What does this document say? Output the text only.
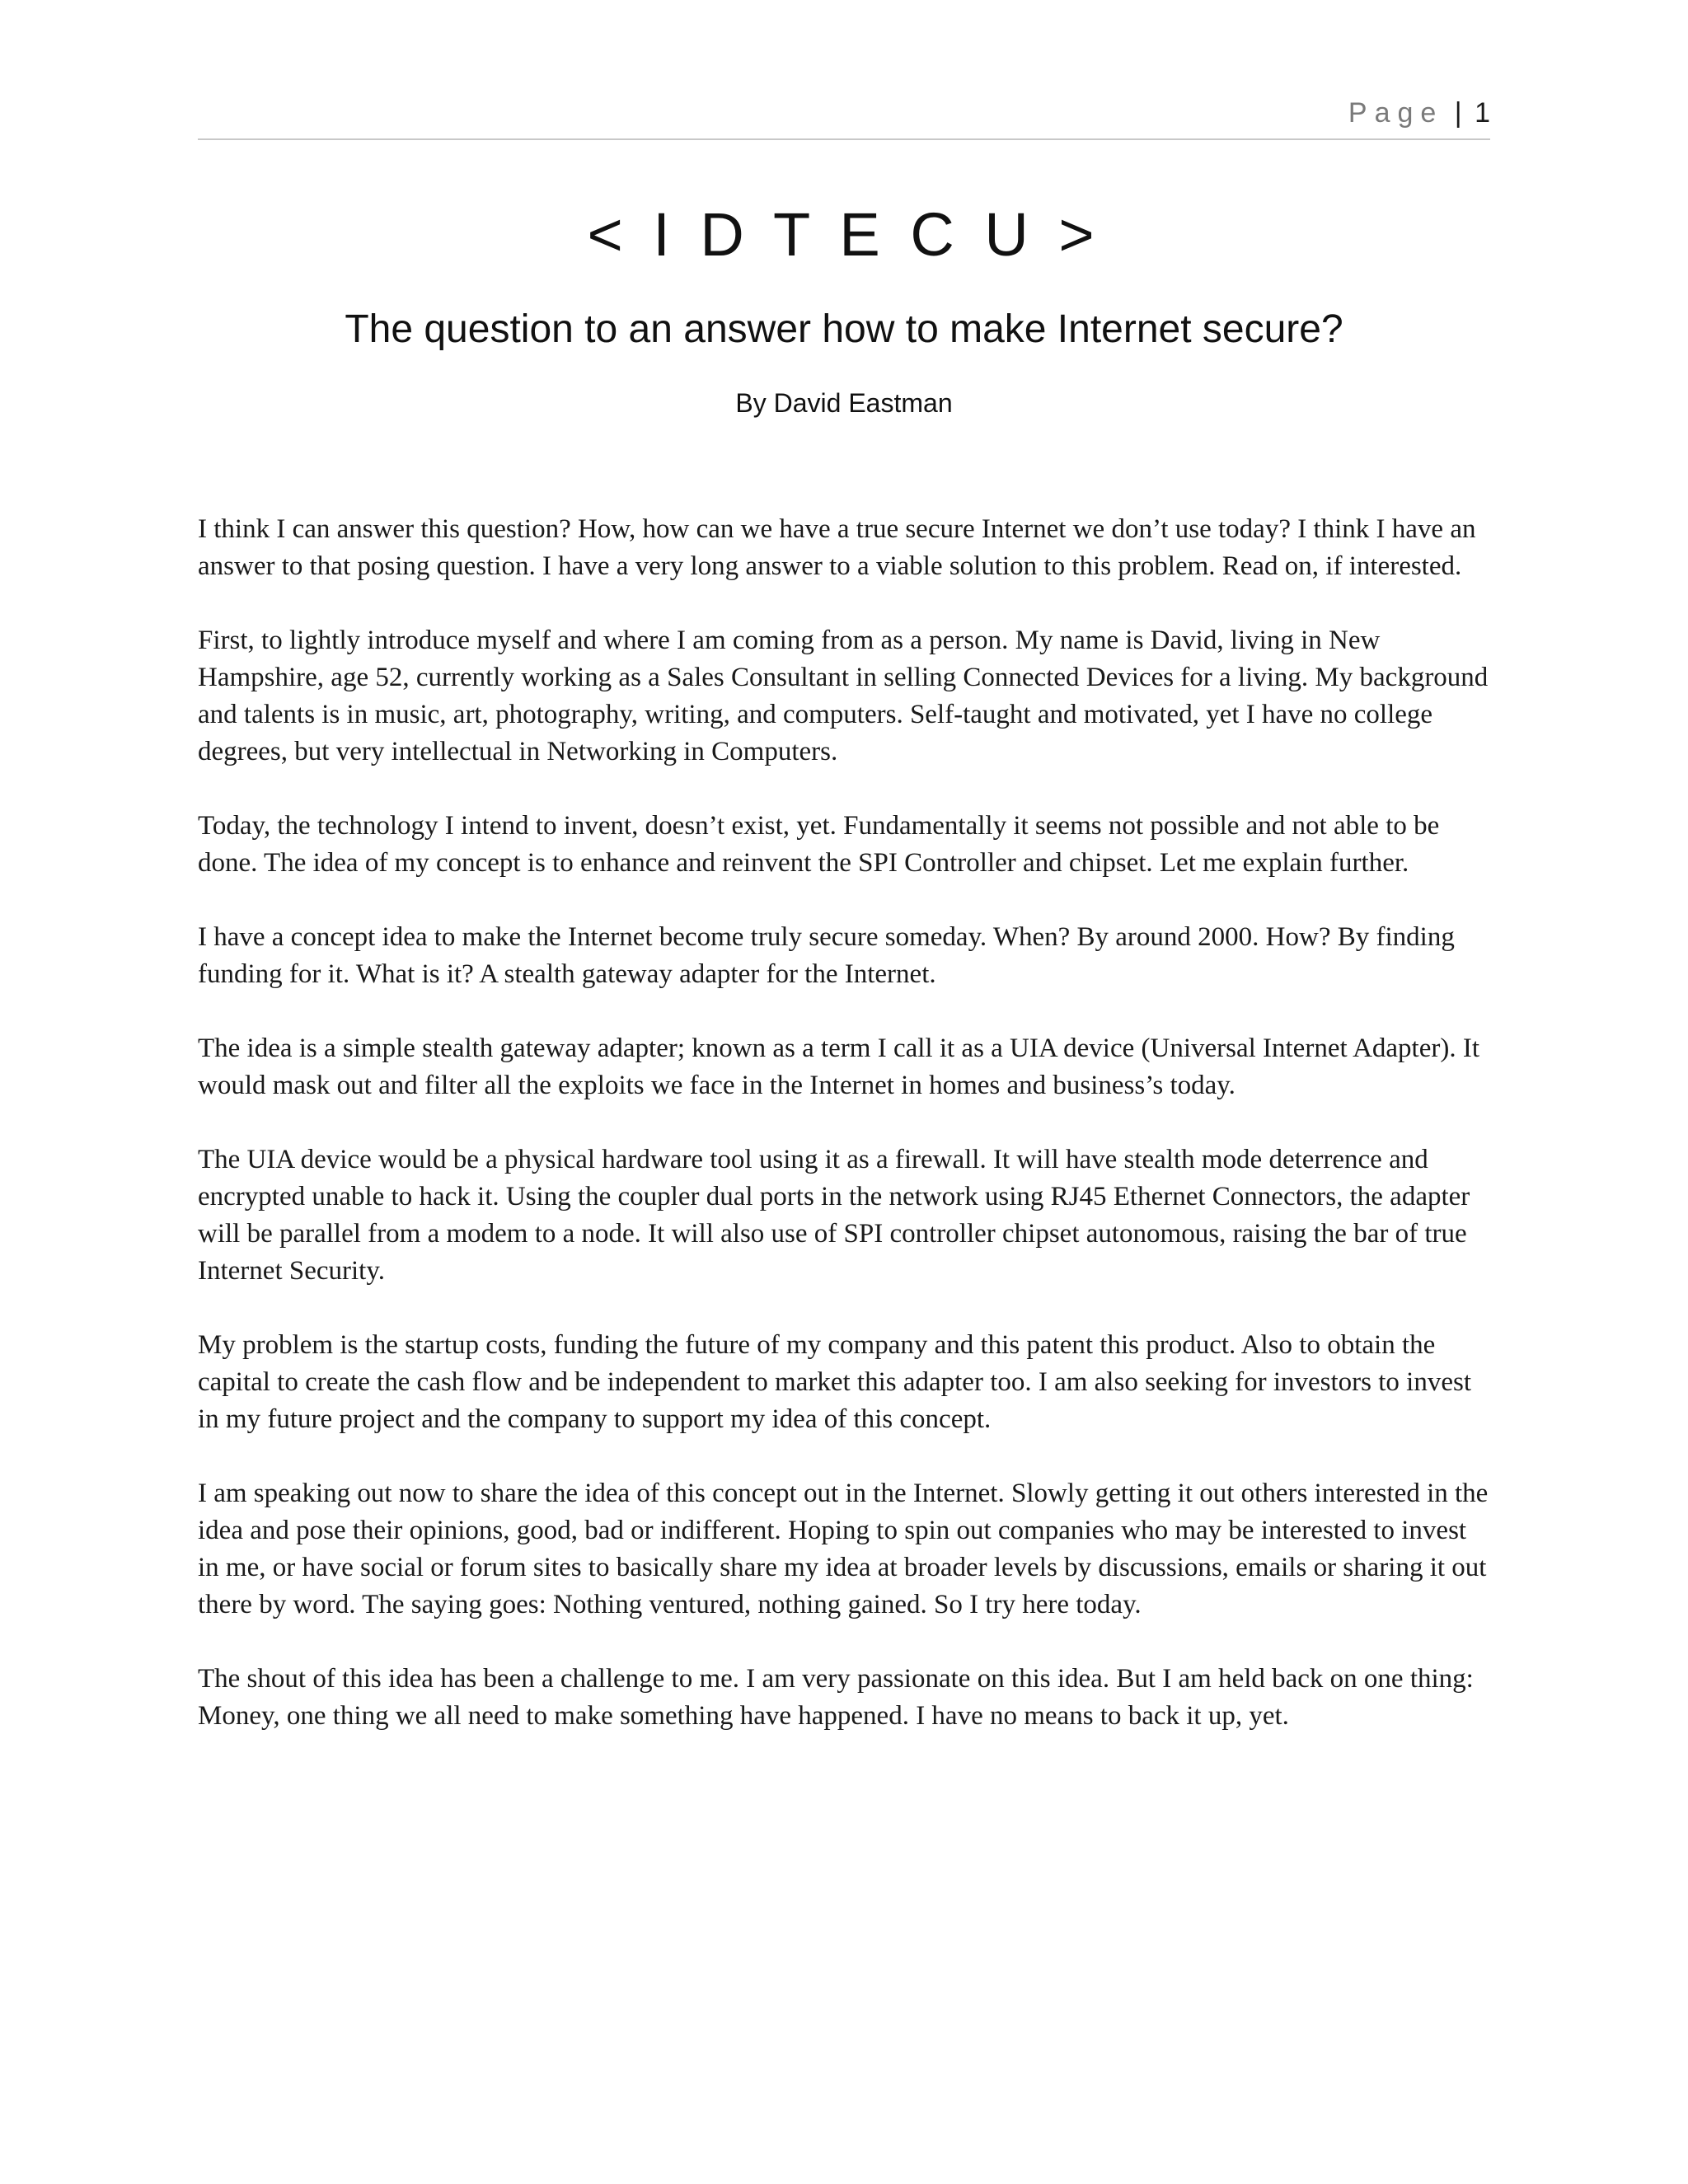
Page | 1
< I D T E C U >
The question to an answer how to make Internet secure?
By David Eastman

I think I can answer this question? How, how can we have a true secure Internet we don’t use today? I think I have an answer to that posing question. I have a very long answer to a viable solution to this problem. Read on, if interested.

First, to lightly introduce myself and where I am coming from as a person. My name is David, living in New Hampshire, age 52, currently working as a Sales Consultant in selling Connected Devices for a living. My background and talents is in music, art, photography, writing, and computers. Self-taught and motivated, yet I have no college degrees, but very intellectual in Networking in Computers.

Today, the technology I intend to invent, doesn’t exist, yet. Fundamentally it seems not possible and not able to be done. The idea of my concept is to enhance and reinvent the SPI Controller and chipset. Let me explain further.

I have a concept idea to make the Internet become truly secure someday. When? By around 2000. How? By finding funding for it. What is it? A stealth gateway adapter for the Internet.

The idea is a simple stealth gateway adapter; known as a term I call it as a UIA device (Universal Internet Adapter). It would mask out and filter all the exploits we face in the Internet in homes and business’s today.

The UIA device would be a physical hardware tool using it as a firewall. It will have stealth mode deterrence and encrypted unable to hack it. Using the coupler dual ports in the network using RJ45 Ethernet Connectors, the adapter will be parallel from a modem to a node. It will also use of SPI controller chipset autonomous, raising the bar of true Internet Security.

My problem is the startup costs, funding the future of my company and this patent this product. Also to obtain the capital to create the cash flow and be independent to market this adapter too. I am also seeking for investors to invest in my future project and the company to support my idea of this concept.

I am speaking out now to share the idea of this concept out in the Internet. Slowly getting it out others interested in the idea and pose their opinions, good, bad or indifferent. Hoping to spin out companies who may be interested to invest in me, or have social or forum sites to basically share my idea at broader levels by discussions, emails or sharing it out there by word. The saying goes: Nothing ventured, nothing gained. So I try here today.

The shout of this idea has been a challenge to me. I am very passionate on this idea. But I am held back on one thing: Money, one thing we all need to make something have happened. I have no means to back it up, yet.
